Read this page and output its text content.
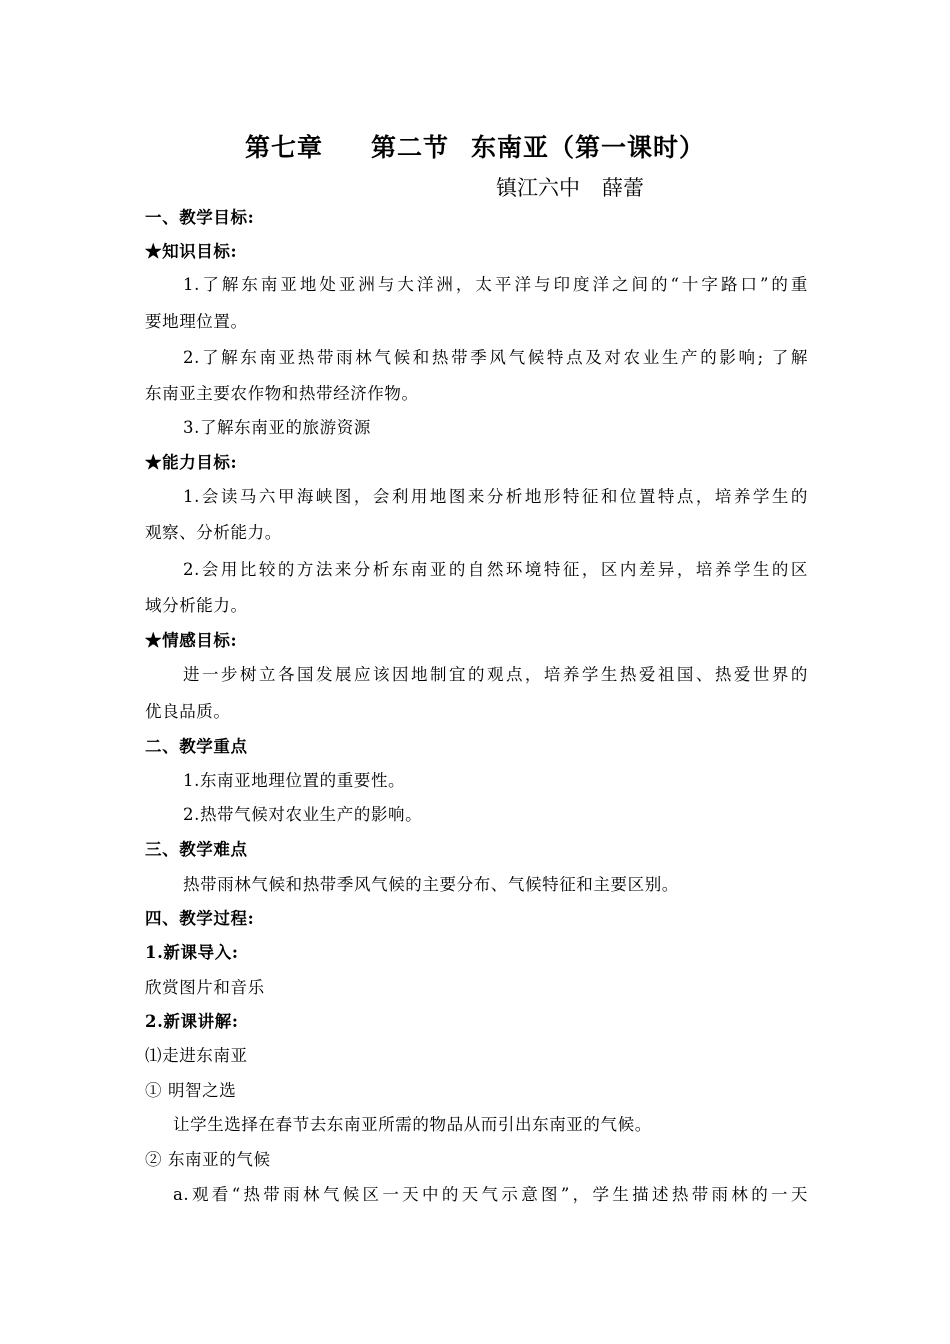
第七章 第二节 东南亚（第一课时）
镇江六中 薛蕾
一、教学目标:
★知识目标:
1.了解东南亚地处亚洲与大洋洲，太平洋与印度洋之间的“十字路口”的重
要地理位置。
2.了解东南亚热带雨林气候和热带季风气候特点及对农业生产的影响; 了解
东南亚主要农作物和热带经济作物。
3.了解东南亚的旅游资源
★能力目标:
1.会读马六甲海峡图，会利用地图来分析地形特征和位置特点，培养学生的
观察、分析能力。
2.会用比较的方法来分析东南亚的自然环境特征，区内差异，培养学生的区
域分析能力。
★情感目标:
进一步树立各国发展应该因地制宜的观点，培养学生热爱祖国、热爱世界的
优良品质。
二、教学重点
1.东南亚地理位置的重要性。
2.热带气候对农业生产的影响。
三、教学难点
热带雨林气候和热带季风气候的主要分布、气候特征和主要区别。
四、教学过程:
1.新课导入:
欣赏图片和音乐
2.新课讲解:
⑴走进东南亚
① 明智之选
让学生选择在春节去东南亚所需的物品从而引出东南亚的气候。
② 东南亚的气候
a.观看“热带雨林气候区一天中的天气示意图”，学生描述热带雨林的一天
